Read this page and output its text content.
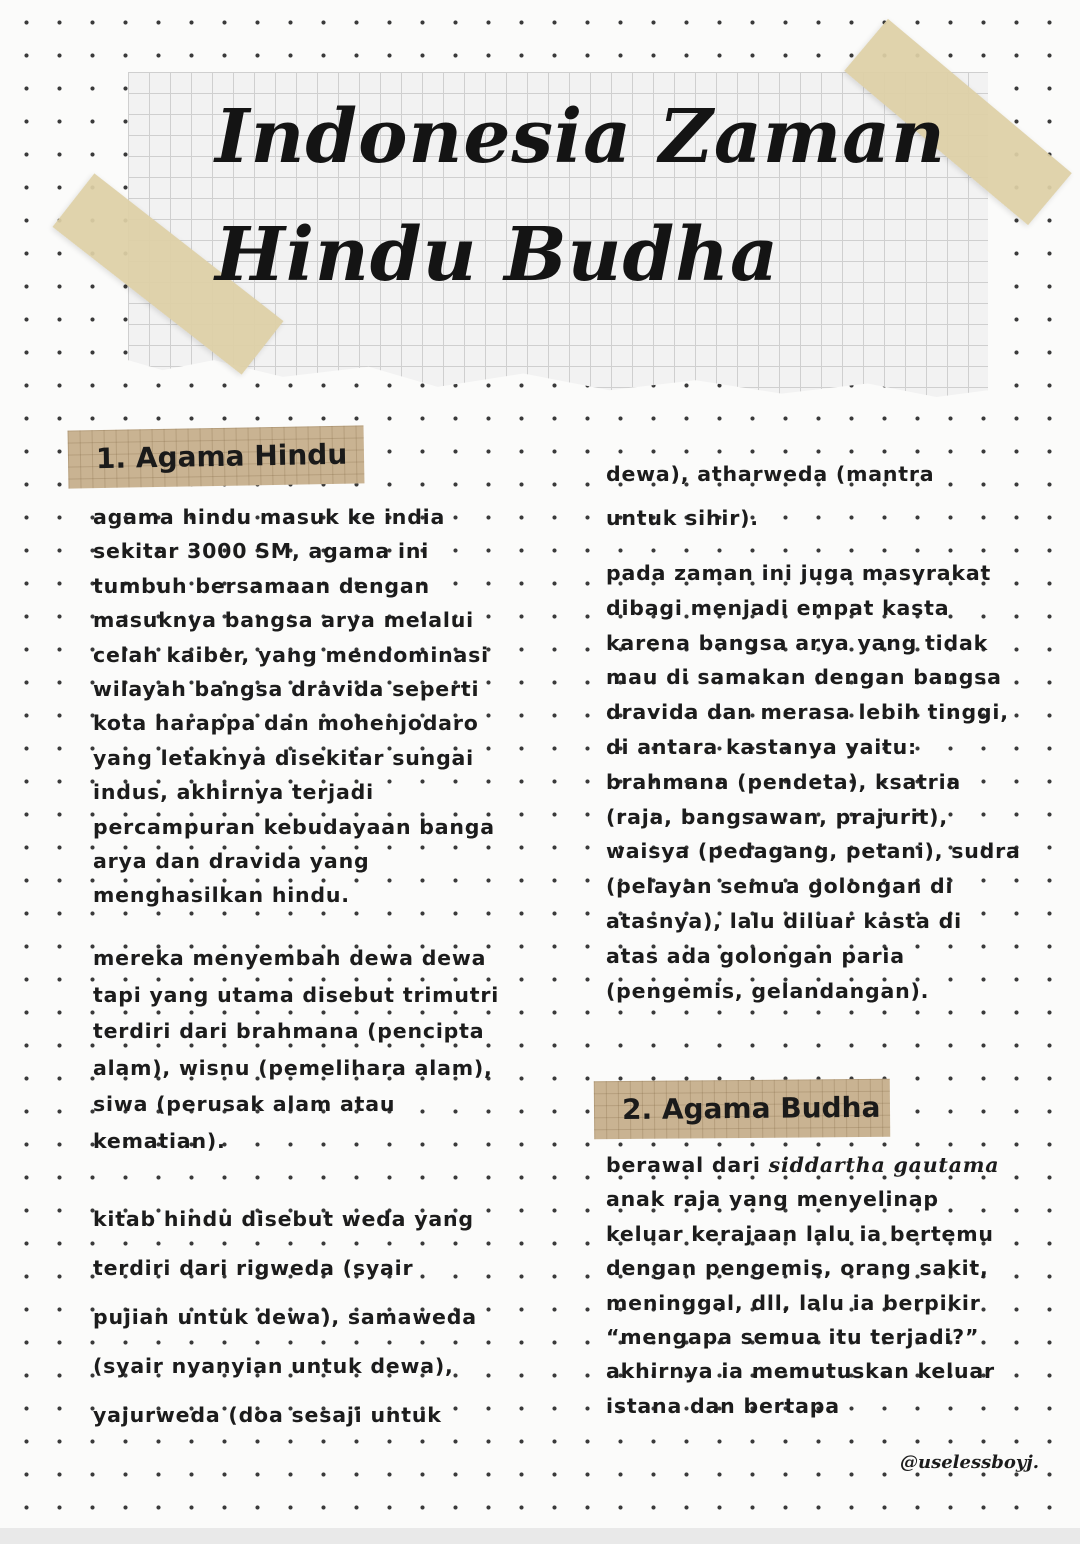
Indonesia Zaman
Hindu Budha
1. Agama Hindu
agama hindu masuk ke india
sekitar 3000 SM, agama ini
tumbuh bersamaan dengan
masuknya bangsa arya melalui
celah kaiber, yang mendominasi
wilayah bangsa dravida seperti
kota harappa dan mohenjodaro
yang letaknya disekitar sungai
indus, akhirnya terjadi
percampuran kebudayaan banga
arya dan dravida yang
menghasilkan hindu.
mereka menyembah dewa dewa
tapi yang utama disebut trimutri
terdiri dari brahmana (pencipta
alam), wisnu (pemelihara alam),
siwa (perusak alam atau
kematian).
kitab hindu disebut weda yang
terdiri dari rigweda (syair
pujian untuk dewa), samaweda
(syair nyanyian untuk dewa),
yajurweda (doa sesaji untuk
dewa), atharweda (mantra
untuk sihir).
pada zaman ini juga masyrakat
dibagi menjadi empat kasta
karena bangsa arya yang tidak
mau di samakan dengan bangsa
dravida dan merasa lebih tinggi,
di antara kastanya yaitu:
brahmana (pendeta), ksatria
(raja, bangsawan, prajurit),
waisya (pedagang, petani), sudra
(pelayan semua golongan di
atasnya), lalu diluar kasta di
atas ada golongan paria
(pengemis, gelandangan).
2. Agama Budha
berawal dari siddartha gautama
anak raja yang menyelinap
keluar kerajaan lalu ia bertemu
dengan pengemis, orang sakit,
meninggal, dll, lalu ia berpikir
“mengapa semua itu terjadi?”
akhirnya ia memutuskan keluar
istana dan bertapa
@uselessboyj.
